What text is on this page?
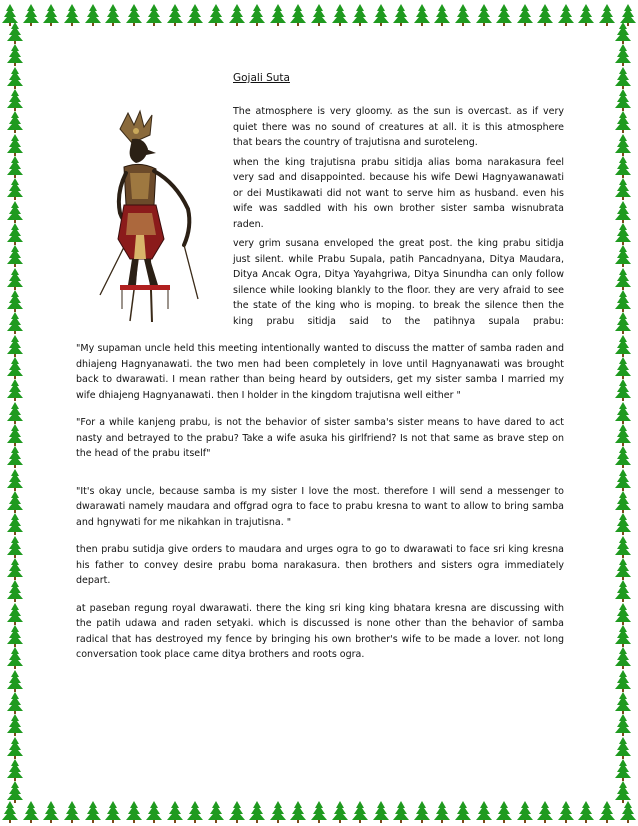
Gojali Suta

The atmosphere is very gloomy. as the sun is overcast. as if very quiet there was no sound of creatures at all. it is this atmosphere that bears the country of trajutisna and suroteleng.

when the king trajutisna prabu sitidja alias boma narakasura feel very sad and disappointed. because his wife Dewi Hagnyawanawati or dei Mustikawati did not want to serve him as husband. even his wife was saddled with his own brother sister samba wisnubrata raden.

very grim susana enveloped the great post. the king prabu sitidja just silent. while Prabu Supala, patih Pancadnyana, Ditya Maudara, Ditya Ancak Ogra, Ditya Yayahgriwa, Ditya Sinundha can only follow silence while looking blankly to the floor. they are very afraid to see the state of the king who is moping. to break the silence then the king prabu sitidja said to the patihnya supala prabu:

"My supaman uncle held this meeting intentionally wanted to discuss the matter of samba raden and dhiajeng Hagnyanawati. the two men had been completely in love until Hagnyanawati was brought back to dwarawati. I mean rather than being heard by outsiders, get my sister samba I married my wife dhiajeng Hagnyanawati. then I holder in the kingdom trajutisna well either "

"For a while kanjeng prabu, is not the behavior of sister samba's sister means to have dared to act nasty and betrayed to the prabu? Take a wife asuka his girlfriend? Is not that same as brave step on the head of the prabu itself"

"It's okay uncle, because samba is my sister I love the most. therefore I will send a messenger to dwarawati namely maudara and offgrad ogra to face to prabu kresna to want to allow to bring samba and hgnywati for me nikahkan in trajutisna. "

then prabu sutidja give orders to maudara and urges ogra to go to dwarawati to face sri king kresna his father to convey desire prabu boma narakasura. then brothers and sisters ogra immediately depart.

at paseban regung royal dwarawati. there the king sri king king bhatara kresna are discussing with the patih udawa and raden setyaki. which is discussed is none other than the behavior of samba radical that has destroyed my fence by bringing his own brother's wife to be made a lover. not long conversation took place came ditya brothers and roots ogra.
